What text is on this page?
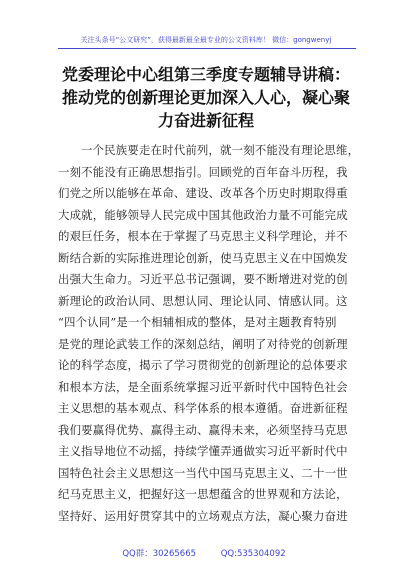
关注头条号“公文研究”，获得最新最全最专业的公文资料库！ 微信：gongwenyj
党委理论中心组第三季度专题辅导讲稿：
推动党的创新理论更加深入人心，凝心聚
力奋进新征程
一个民族要走在时代前列，就一刻不能没有理论思维，
一刻不能没有正确思想指引。回顾党的百年奋斗历程，我
们党之所以能够在革命、建设、改革各个历史时期取得重
大成就，能够领导人民完成中国其他政治力量不可能完成
的艰巨任务，根本在于掌握了马克思主义科学理论，并不
断结合新的实际推进理论创新，使马克思主义在中国焕发
出强大生命力。习近平总书记强调，要不断增进对党的创
新理论的政治认同、思想认同、理论认同、情感认同。这
“四个认同”是一个相辅相成的整体，是对主题教育特别
是党的理论武装工作的深刻总结，阐明了对待党的创新理
论的科学态度，揭示了学习贯彻党的创新理论的总体要求
和根本方法，是全面系统掌握习近平新时代中国特色社会
主义思想的基本观点、科学体系的根本遵循。奋进新征程
我们要赢得优势、赢得主动、赢得未来，必须坚持马克思
主义指导地位不动摇，持续学懂弄通做实习近平新时代中
国特色社会主义思想这一当代中国马克思主义、二十一世
纪马克思主义，把握好这一思想蕴含的世界观和方法论，
坚持好、运用好贯穿其中的立场观点方法，凝心聚力奋进
QQ群：30265665	QQ:535304092
